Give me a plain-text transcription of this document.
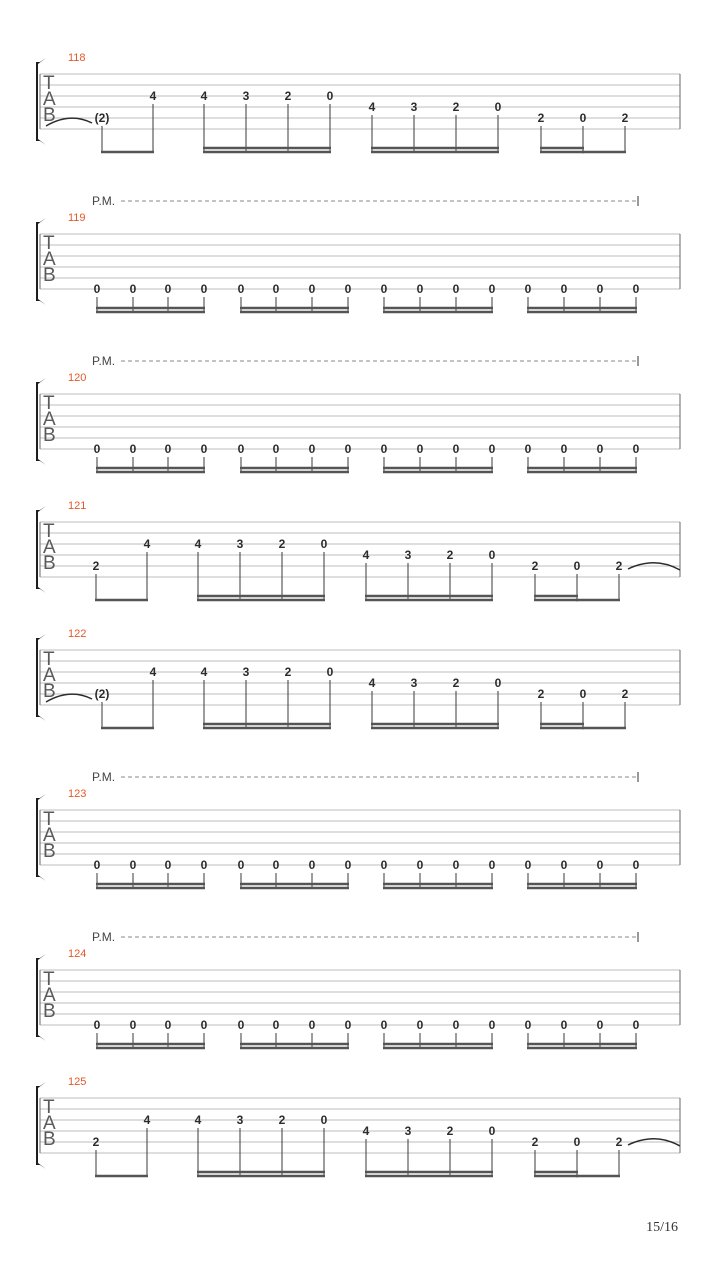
118
T
A
B	(2)
4	4	3	2	0
4	3	2	0
2	0	2
P.M.
119
T
A
B
0 0 0 0	0 0 0 0 0 0 0 0 0 0 0 0
P.M.
120
T
A
B
0 0 0 0	0 0 0 0 0 0 0 0 0 0 0 0
121
T
A
B	2
4	4	3	2	0
4	3	2	0
2	0	2
122
T
A
B	(2)
4	4	3	2	0
4	3	2	0
2	0	2
P.M.
123
T
A
B
0 0 0 0	0 0 0 0 0 0 0 0 0 0 0 0
P.M.
124
T
A
B
0 0 0 0	0 0 0 0 0 0 0 0 0 0 0 0
125
T
A
B	2
4	4	3	2	0
4	3	2	0
2	0	2
15/16
